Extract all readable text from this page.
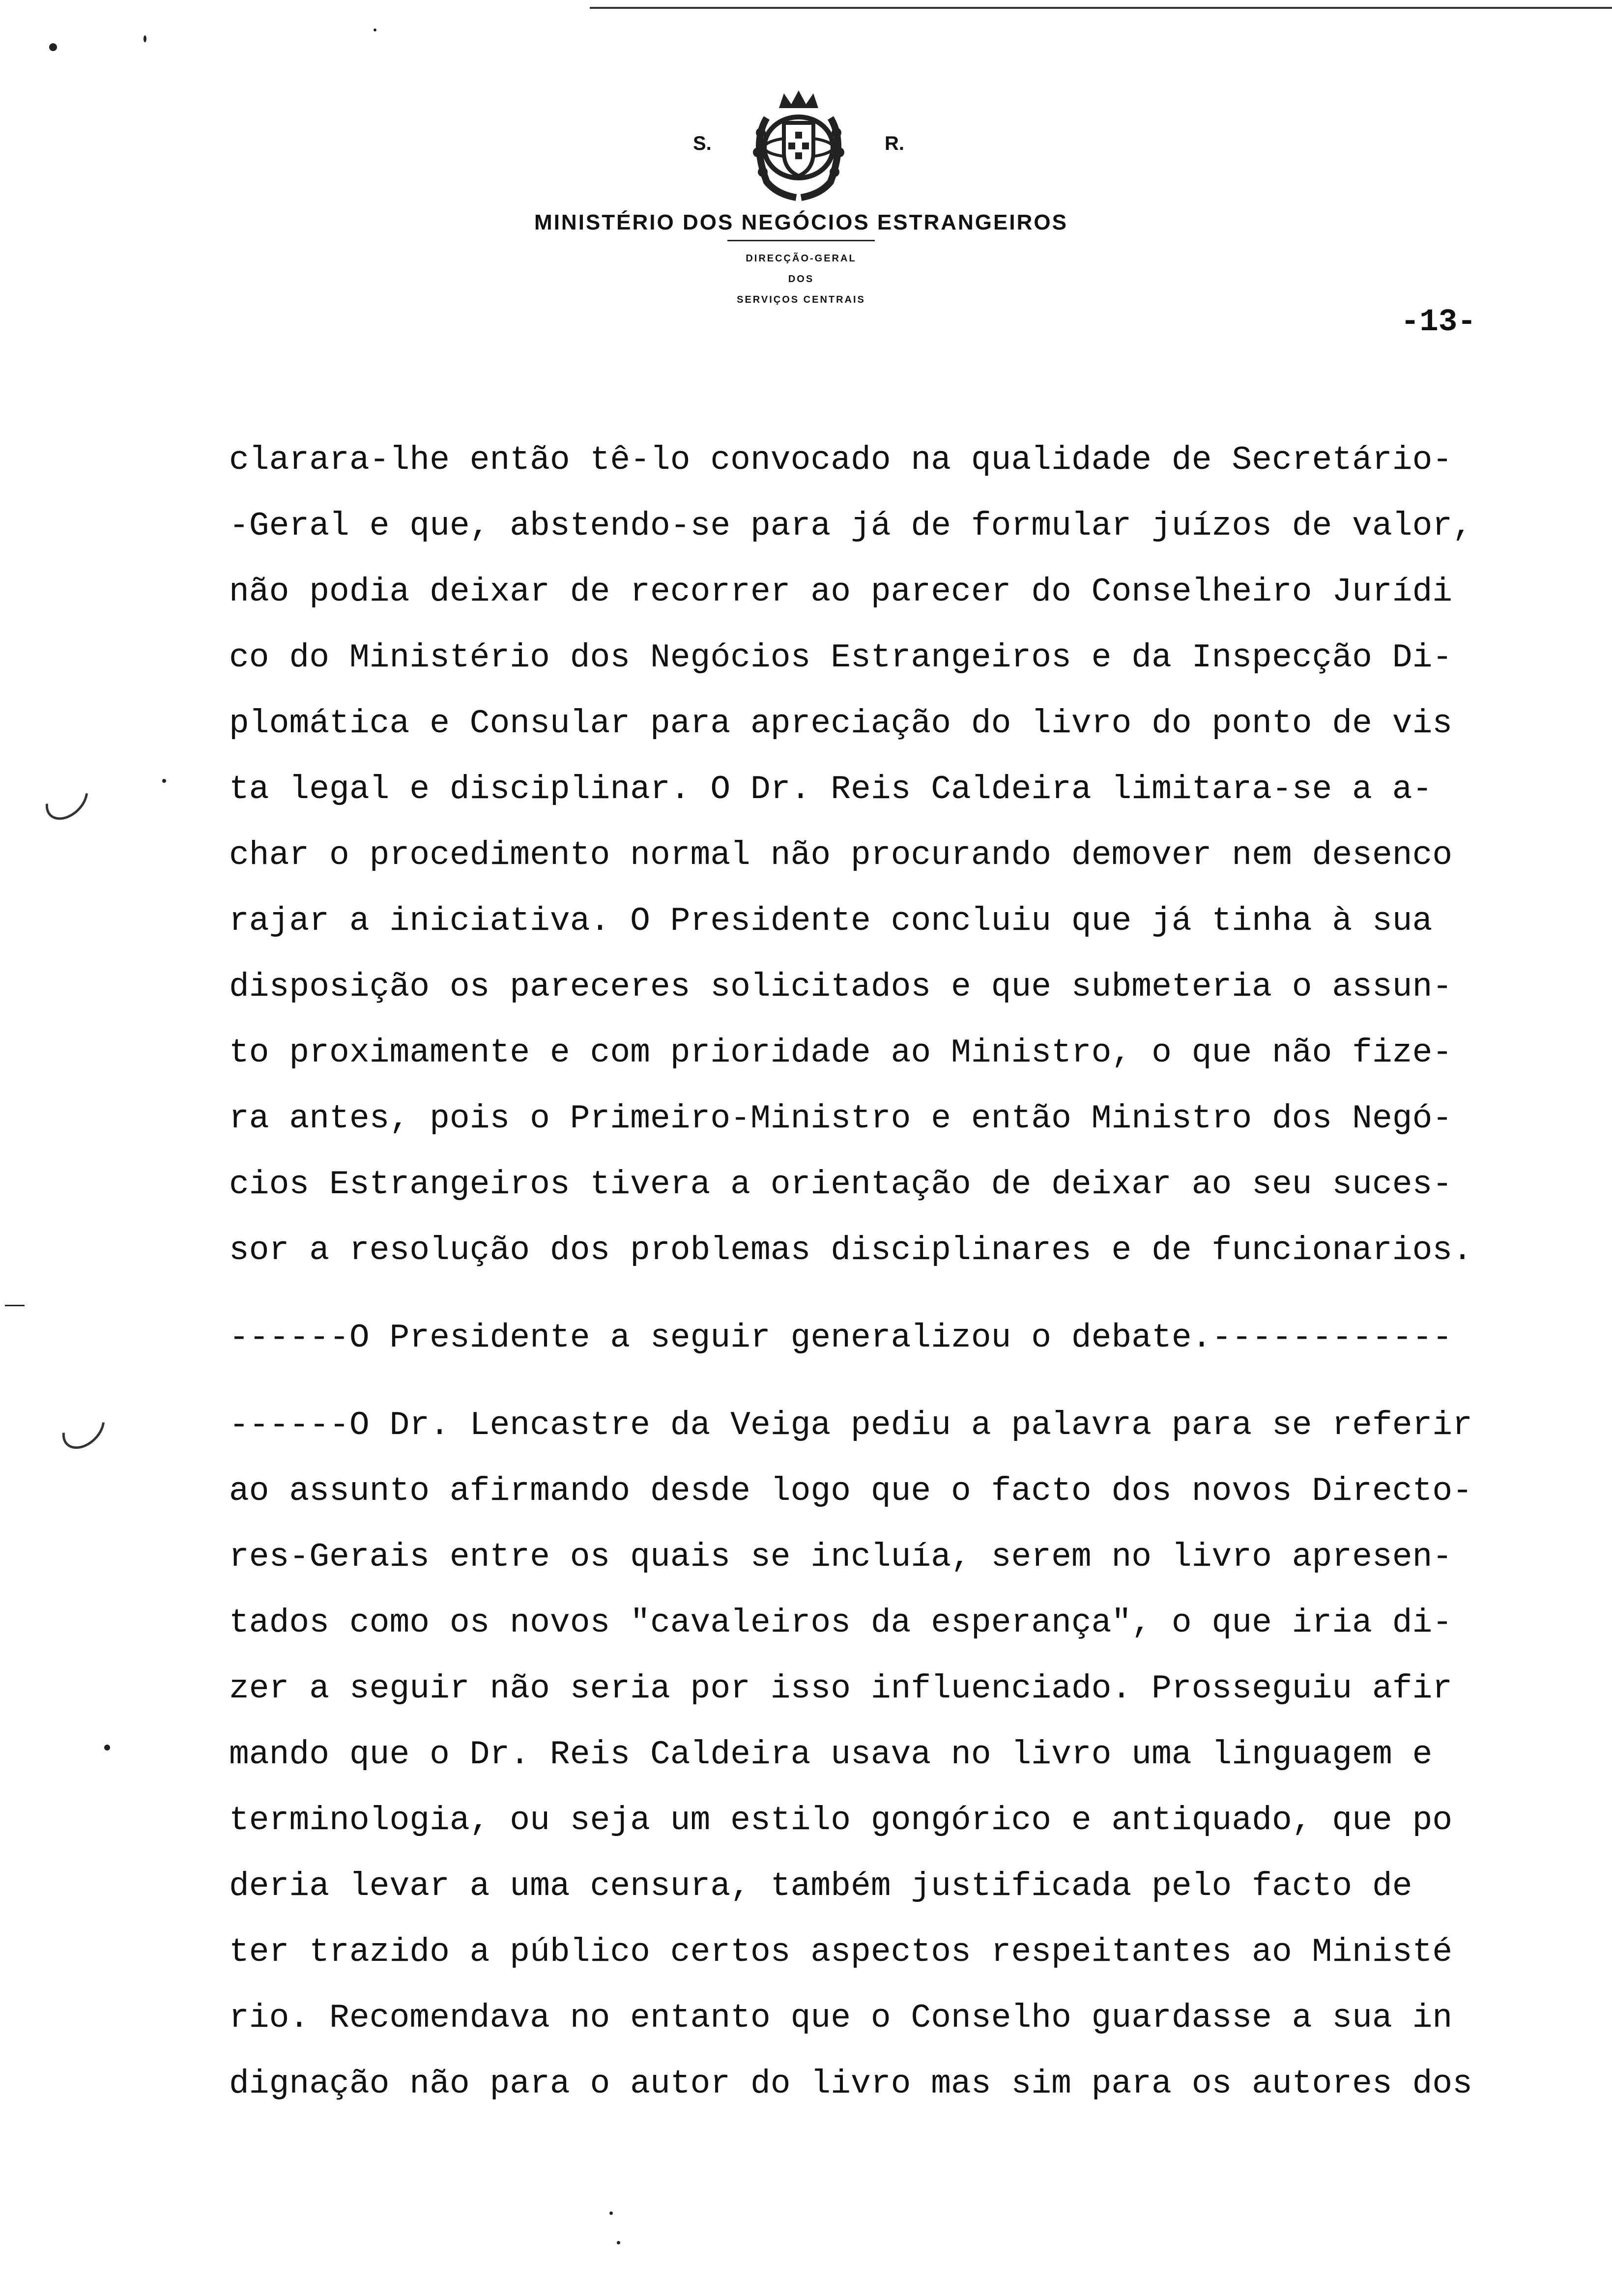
S.	R.
MINISTÉRIO DOS NEGÓCIOS ESTRANGEIROS
DIRECÇÃO-GERAL
DOS
SERVIÇOS CENTRAIS
-13-
clarara-lhe então tê-lo convocado na qualidade de Secretário-
-Geral e que, abstendo-se para já de formular juízos de valor,
não podia deixar de recorrer ao parecer do Conselheiro Jurídi
co do Ministério dos Negócios Estrangeiros e da Inspecção Di-
plomática e Consular para apreciação do livro do ponto de vis
ta legal e disciplinar. O Dr. Reis Caldeira limitara-se a a-
char o procedimento normal não procurando demover nem desenco
rajar a iniciativa. O Presidente concluiu que já tinha à sua
disposição os pareceres solicitados e que submeteria o assun-
to proximamente e com prioridade ao Ministro, o que não fize-
ra antes, pois o Primeiro-Ministro e então Ministro dos Negó-
cios Estrangeiros tivera a orientação de deixar ao seu suces-
sor a resolução dos problemas disciplinares e de funcionarios.
------O Presidente a seguir generalizou o debate.------------
------O Dr. Lencastre da Veiga pediu a palavra para se referir
ao assunto afirmando desde logo que o facto dos novos Directo-
res-Gerais entre os quais se incluía, serem no livro apresen-
tados como os novos "cavaleiros da esperança", o que iria di-
zer a seguir não seria por isso influenciado. Prosseguiu afir
mando que o Dr. Reis Caldeira usava no livro uma linguagem e
terminologia, ou seja um estilo gongórico e antiquado, que po
deria levar a uma censura, também justificada pelo facto de
ter trazido a público certos aspectos respeitantes ao Ministé
rio. Recomendava no entanto que o Conselho guardasse a sua in
dignação não para o autor do livro mas sim para os autores dos
